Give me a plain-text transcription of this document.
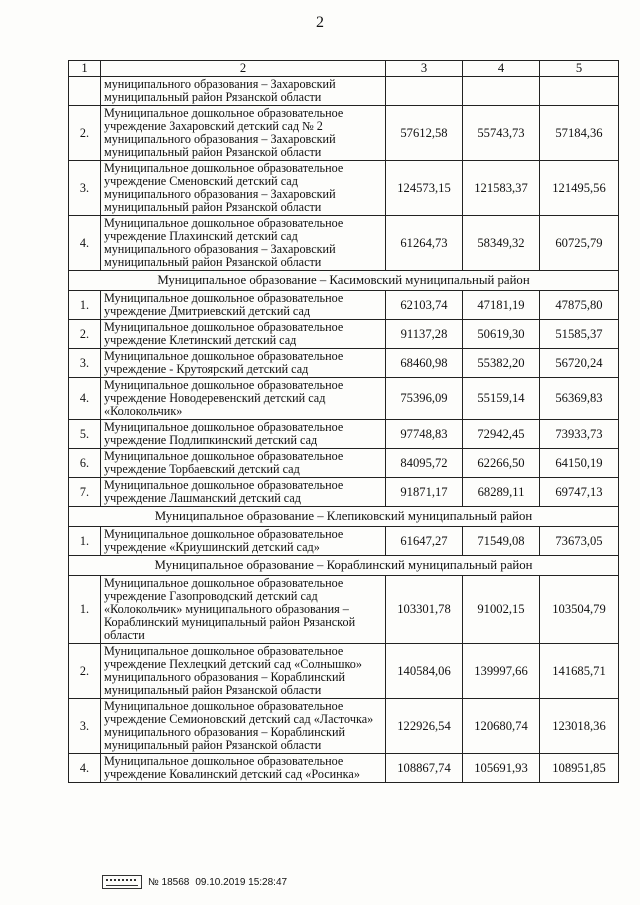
2
1	2	3	4	5
	муниципального образования – Захаровский муниципальный район Рязанской области			
2.	Муниципальное дошкольное образовательное учреждение Захаровский детский сад № 2 муниципального образования – Захаровский муниципальный район Рязанской области	57612,58	55743,73	57184,36
3.	Муниципальное дошкольное образовательное учреждение Сменовский детский сад муниципального образования – Захаровский муниципальный район Рязанской области	124573,15	121583,37	121495,56
4.	Муниципальное дошкольное образовательное учреждение Плахинский детский сад муниципального образования – Захаровский муниципальный район Рязанской области	61264,73	58349,32	60725,79
Муниципальное образование – Касимовский муниципальный район				
1.	Муниципальное дошкольное образовательное учреждение Дмитриевский детский сад	62103,74	47181,19	47875,80
2.	Муниципальное дошкольное образовательное учреждение Клетинский детский сад	91137,28	50619,30	51585,37
3.	Муниципальное дошкольное образовательное учреждение - Крутоярский детский сад	68460,98	55382,20	56720,24
4.	Муниципальное дошкольное образовательное учреждение Новодеревенский детский сад «Колокольчик»	75396,09	55159,14	56369,83
5.	Муниципальное дошкольное образовательное учреждение Подлипкинский детский сад	97748,83	72942,45	73933,73
6.	Муниципальное дошкольное образовательное учреждение Торбаевский детский сад	84095,72	62266,50	64150,19
7.	Муниципальное дошкольное образовательное учреждение Лашманский детский сад	91871,17	68289,11	69747,13
Муниципальное образование – Клепиковский муниципальный район				
1.	Муниципальное дошкольное образовательное учреждение «Криушинский детский сад»	61647,27	71549,08	73673,05
Муниципальное образование – Кораблинский муниципальный район				
1.	Муниципальное дошкольное образовательное учреждение Газопроводский детский сад «Колокольчик» муниципального образования – Кораблинский муниципальный район Рязанской области	103301,78	91002,15	103504,79
2.	Муниципальное дошкольное образовательное учреждение Пехлецкий детский сад «Солнышко» муниципального образования – Кораблинский муниципальный район Рязанской области	140584,06	139997,66	141685,71
3.	Муниципальное дошкольное образовательное учреждение Семионовский детский сад «Ласточка» муниципального образования – Кораблинский муниципальный район Рязанской области	122926,54	120680,74	123018,36
4.	Муниципальное дошкольное образовательное учреждение Ковалинский детский сад «Росинка»	108867,74	105691,93	108951,85
№ 18568 09.10.2019 15:28:47
